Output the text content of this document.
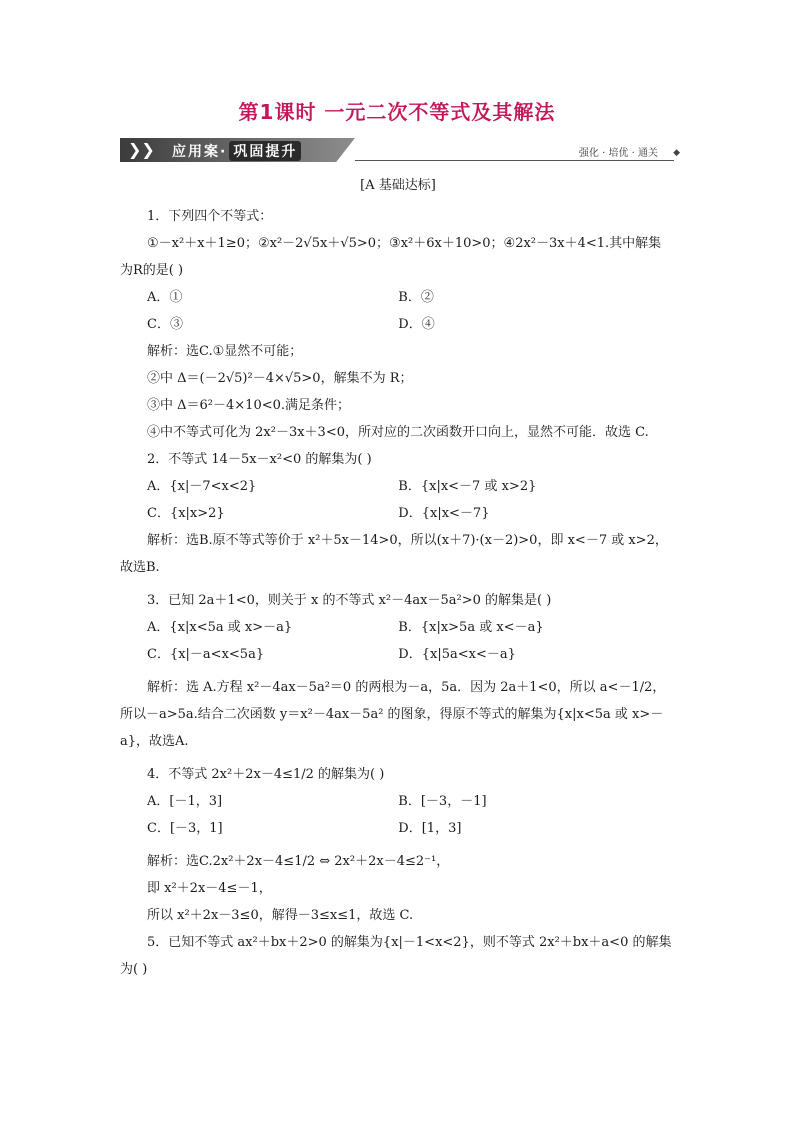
第1课时 一元二次不等式及其解法
❯❯ 应用案· 巩固提升	强化 · 培优 · 通关 ◆
[A 基础达标]
1．下列四个不等式：
①－x²＋x＋1≥0；②x²－2√5x＋√5>0；③x²＋6x＋10>0；④2x²－3x＋4<1.其中解集
为R的是( )
A．①	B．②
C．③	D．④
解析：选C.①显然不可能；
②中 Δ＝(－2√5)²－4×√5>0，解集不为 R；
③中 Δ＝6²－4×10<0.满足条件；
④中不等式可化为 2x²－3x＋3<0，所对应的二次函数开口向上，显然不可能．故选 C.
2．不等式 14－5x－x²<0 的解集为( )
A．{x|－7<x<2}	B．{x|x<－7 或 x>2}
C．{x|x>2}	D．{x|x<－7}
解析：选B.原不等式等价于 x²＋5x－14>0，所以(x＋7)·(x－2)>0，即 x<－7 或 x>2，故选B.
3．已知 2a＋1<0，则关于 x 的不等式 x²－4ax－5a²>0 的解集是( )
A．{x|x<5a 或 x>－a}	B．{x|x>5a 或 x<－a}
C．{x|－a<x<5a}	D．{x|5a<x<－a}
解析：选 A.方程 x²－4ax－5a²＝0 的两根为－a，5a．因为 2a＋1<0，所以 a<－1/2，所以－a>5a.结合二次函数 y＝x²－4ax－5a² 的图象，得原不等式的解集为{x|x<5a 或 x>－a}，故选A.
4．不等式 2x²＋2x－4≤1/2 的解集为( )
A．[－1，3]	B．[－3，－1]
C．[－3，1]	D．[1，3]
解析：选C.2x²＋2x－4≤1/2 ⇔ 2x²＋2x－4≤2⁻¹，
即 x²＋2x－4≤－1，
所以 x²＋2x－3≤0，解得－3≤x≤1，故选 C.
5．已知不等式 ax²＋bx＋2>0 的解集为{x|－1<x<2}，则不等式 2x²＋bx＋a<0 的解集为( )
